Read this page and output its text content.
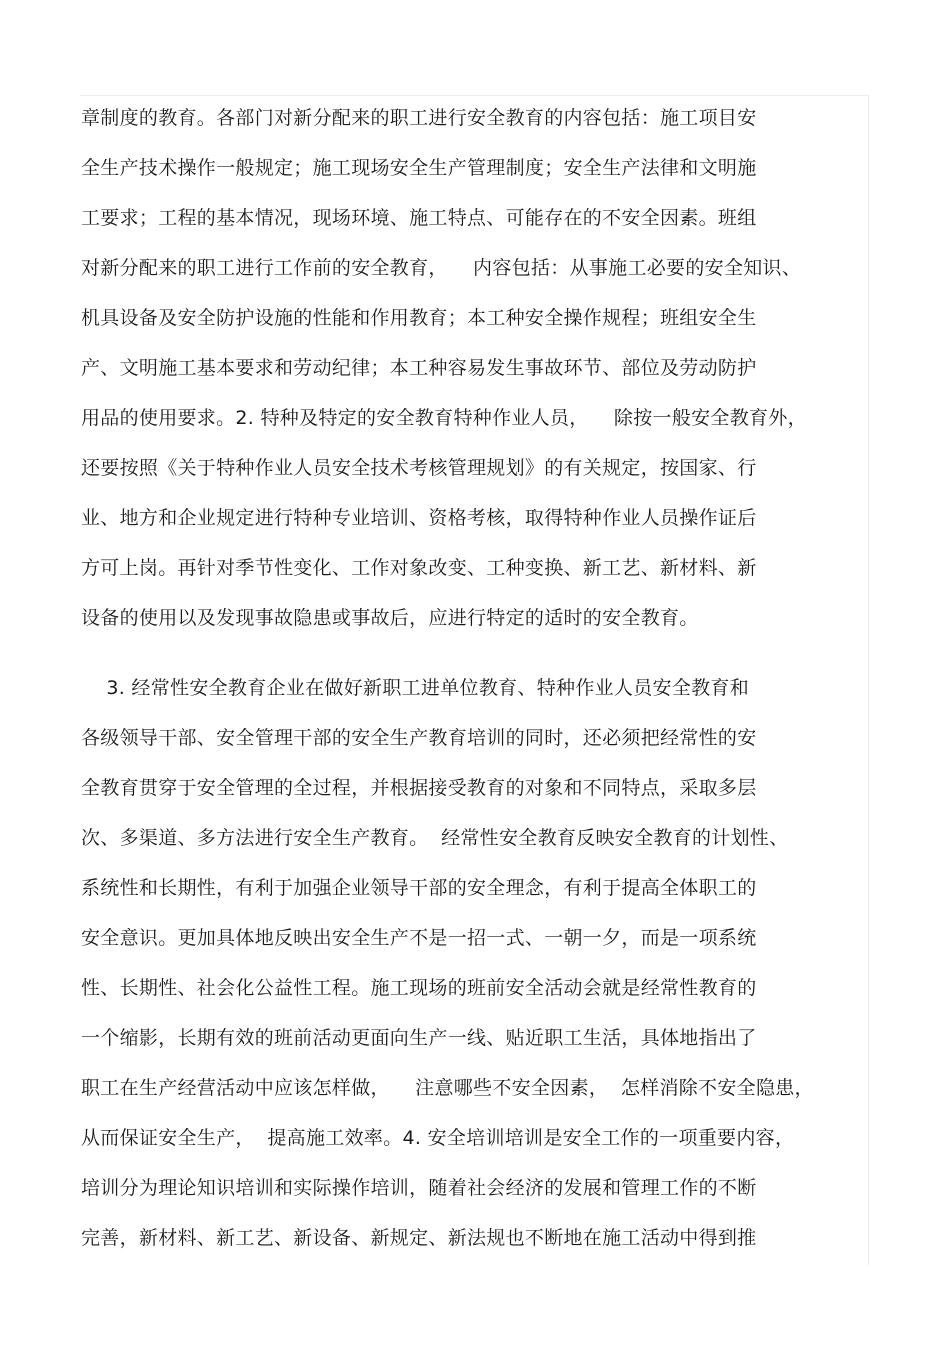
章制度的教育。各部门对新分配来的职工进行安全教育的内容包括：施工项目安
全生产技术操作一般规定；施工现场安全生产管理制度；安全生产法律和文明施
工要求；工程的基本情况，现场环境、施工特点、可能存在的不安全因素。班组
对新分配来的职工进行工作前的安全教育，    内容包括：从事施工必要的安全知识、
机具设备及安全防护设施的性能和作用教育；本工种安全操作规程；班组安全生
产、文明施工基本要求和劳动纪律；本工种容易发生事故环节、部位及劳动防护
用品的使用要求。2. 特种及特定的安全教育特种作业人员，    除按一般安全教育外，
还要按照《关于特种作业人员安全技术考核管理规划》的有关规定，按国家、行
业、地方和企业规定进行特种专业培训、资格考核，取得特种作业人员操作证后
方可上岗。再针对季节性变化、工作对象改变、工种变换、新工艺、新材料、新
设备的使用以及发现事故隐患或事故后，应进行特定的适时的安全教育。
3. 经常性安全教育企业在做好新职工进单位教育、特种作业人员安全教育和
各级领导干部、安全管理干部的安全生产教育培训的同时，还必须把经常性的安
全教育贯穿于安全管理的全过程，并根据接受教育的对象和不同特点，采取多层
次、多渠道、多方法进行安全生产教育。  经常性安全教育反映安全教育的计划性、
系统性和长期性，有利于加强企业领导干部的安全理念，有利于提高全体职工的
安全意识。更加具体地反映出安全生产不是一招一式、一朝一夕，而是一项系统
性、长期性、社会化公益性工程。施工现场的班前安全活动会就是经常性教育的
一个缩影，长期有效的班前活动更面向生产一线、贴近职工生活，具体地指出了
职工在生产经营活动中应该怎样做，    注意哪些不安全因素，  怎样消除不安全隐患，
从而保证安全生产，  提高施工效率。4. 安全培训培训是安全工作的一项重要内容，
培训分为理论知识培训和实际操作培训，随着社会经济的发展和管理工作的不断
完善，新材料、新工艺、新设备、新规定、新法规也不断地在施工活动中得到推
